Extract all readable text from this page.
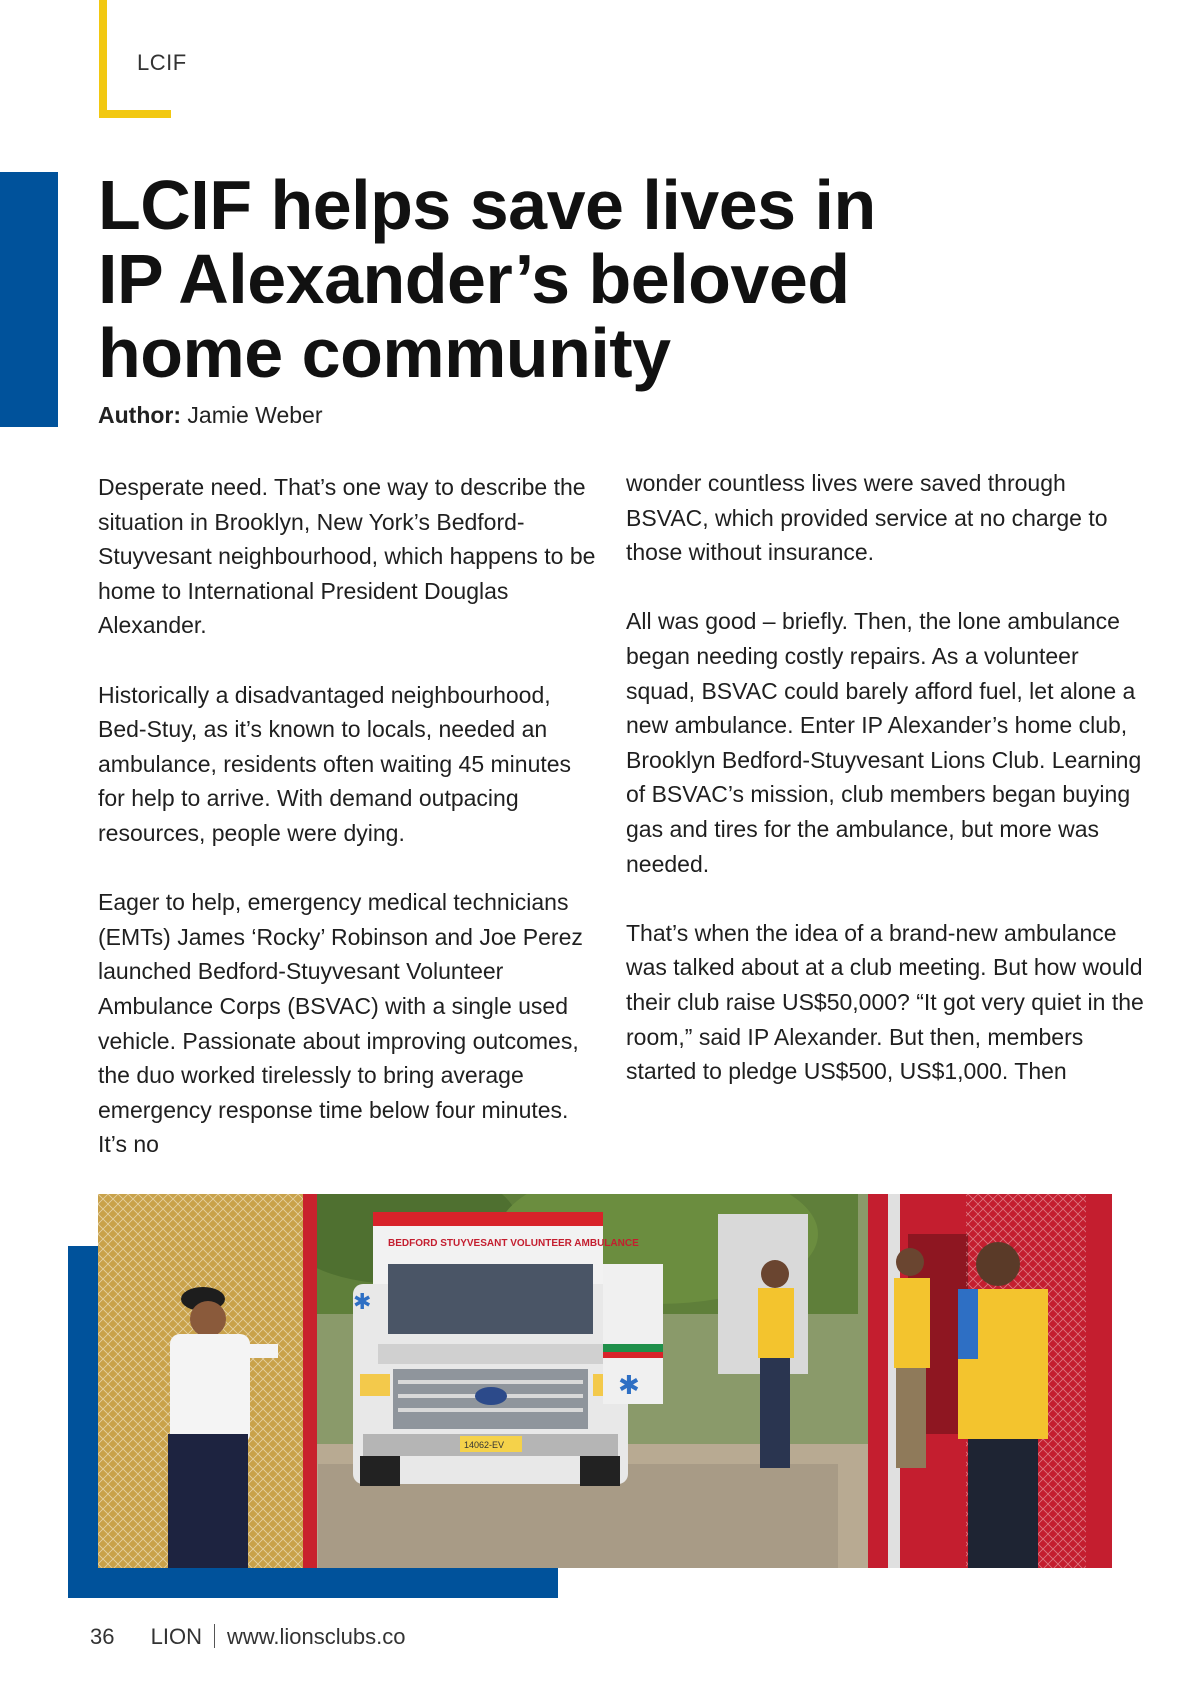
LCIF
LCIF helps save lives in
IP Alexander’s beloved
home community
Author: Jamie Weber

Desperate need. That’s one way to describe the situation in Brooklyn, New York’s Bedford-Stuyvesant neighbourhood, which happens to be home to International President Douglas Alexander.

Historically a disadvantaged neighbourhood, Bed-Stuy, as it’s known to locals, needed an ambulance, residents often waiting 45 minutes for help to arrive. With demand outpacing resources, people were dying.

Eager to help, emergency medical technicians (EMTs) James ‘Rocky’ Robinson and Joe Perez launched Bedford-Stuyvesant Volunteer Ambulance Corps (BSVAC) with a single used vehicle. Passionate about improving outcomes, the duo worked tirelessly to bring average emergency response time below four minutes. It’s no

wonder countless lives were saved through BSVAC, which provided service at no charge to those without insurance.

All was good – briefly. Then, the lone ambulance began needing costly repairs. As a volunteer squad, BSVAC could barely afford fuel, let alone a new ambulance. Enter IP Alexander’s home club, Brooklyn Bedford-Stuyvesant Lions Club. Learning of BSVAC’s mission, club members began buying gas and tires for the ambulance, but more was needed.

That’s when the idea of a brand-new ambulance was talked about at a club meeting. But how would their club raise US$50,000? “It got very quiet in the room,” said IP Alexander. But then, members started to pledge US$500, US$1,000. Then

BEDFORD STUYVESANT VOLUNTEER AMBULANCE
14062-EV
✱
✱
36 LION www.lionsclubs.co
